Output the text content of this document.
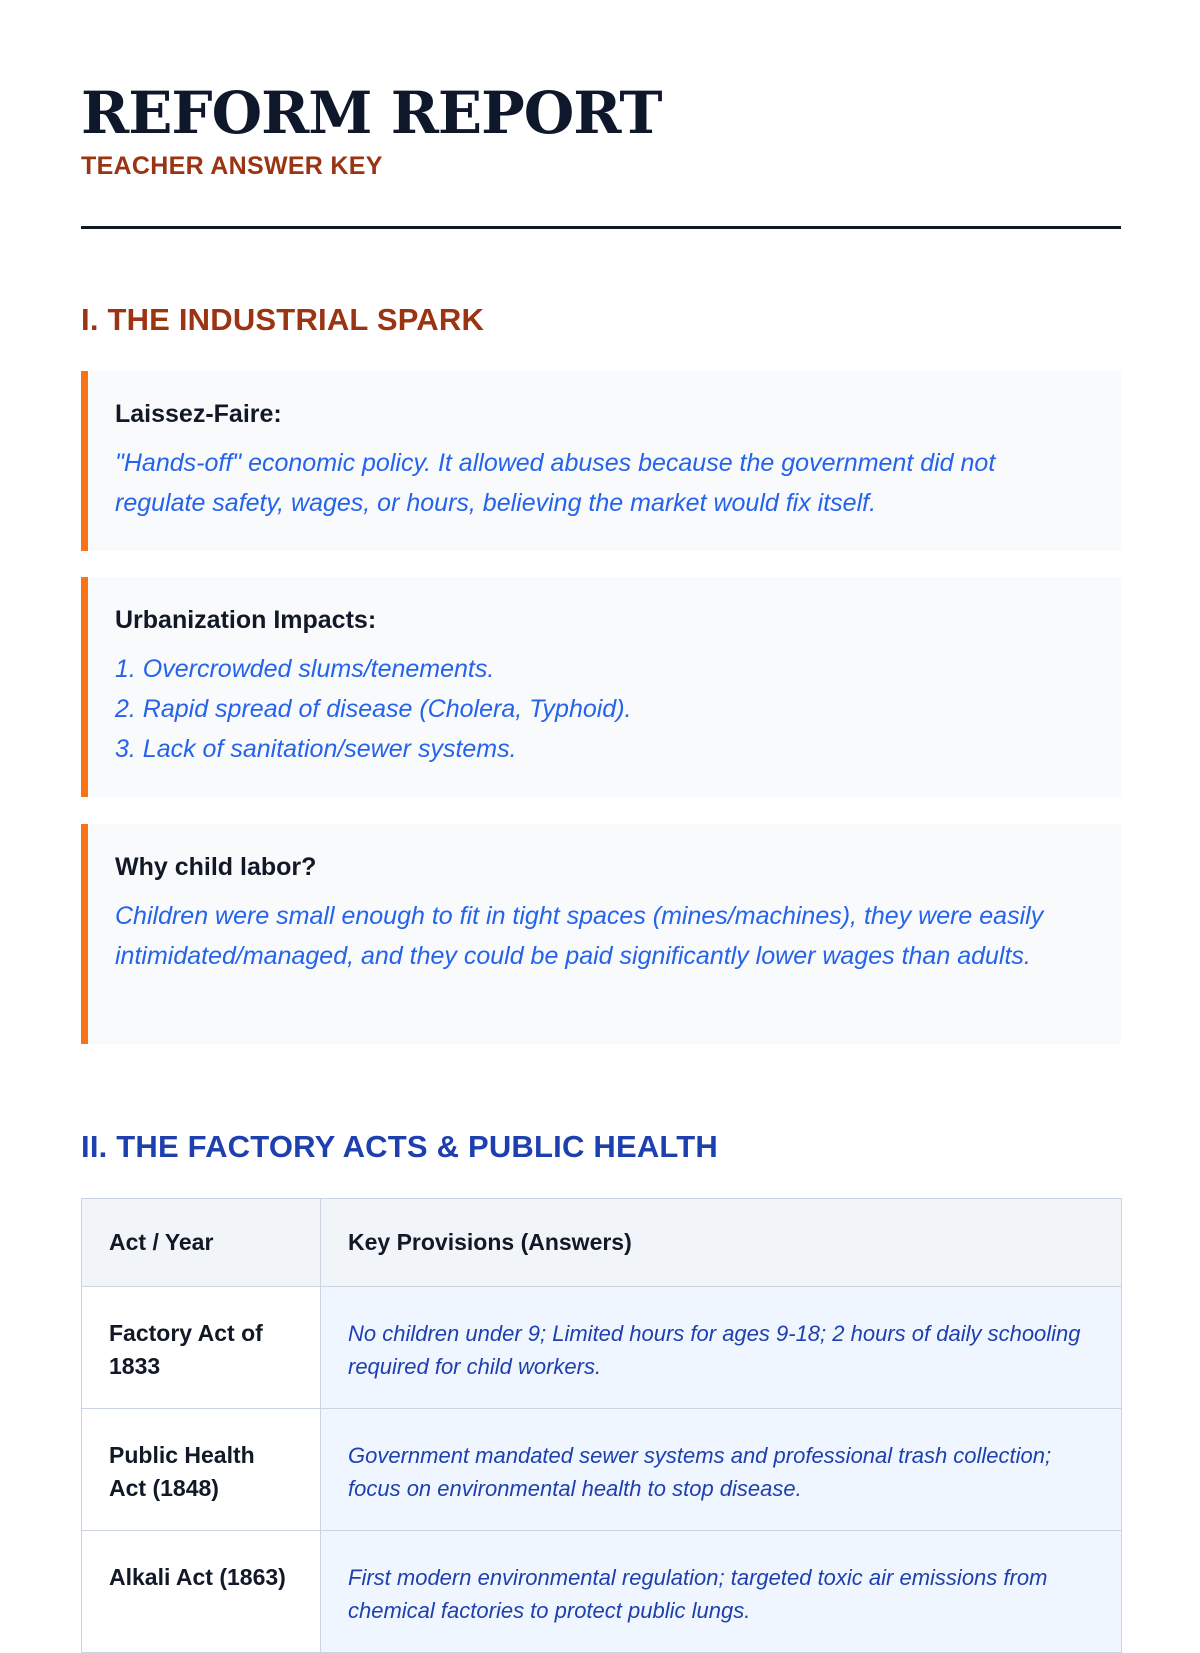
REFORM REPORT
TEACHER ANSWER KEY
I. THE INDUSTRIAL SPARK
Laissez-Faire:

"Hands-off" economic policy. It allowed abuses because the government did not regulate safety, wages, or hours, believing the market would fix itself.

Urbanization Impacts:
1. Overcrowded slums/tenements.
2. Rapid spread of disease (Cholera, Typhoid).
3. Lack of sanitation/sewer systems.
Why child labor?

Children were small enough to fit in tight spaces (mines/machines), they were easily intimidated/managed, and they could be paid significantly lower wages than adults.

II. THE FACTORY ACTS & PUBLIC HEALTH
Act / Year	Key Provisions (Answers)
Factory Act of 1833	No children under 9; Limited hours for ages 9-18; 2 hours of daily schooling required for child workers.
Public Health Act (1848)	Government mandated sewer systems and professional trash collection; focus on environmental health to stop disease.
Alkali Act (1863)	First modern environmental regulation; targeted toxic air emissions from chemical factories to protect public lungs.
